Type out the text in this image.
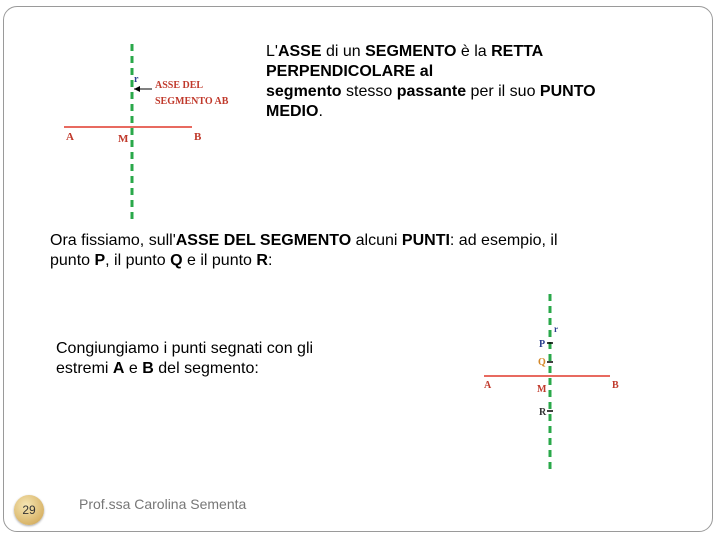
r
ASSE DEL
SEGMENTO AB
A	M	B
L'ASSE di un SEGMENTO è la RETTA
PERPENDICOLARE al
segmento stesso passante per il suo PUNTO
MEDIO.
Ora fissiamo, sull'ASSE DEL SEGMENTO alcuni PUNTI: ad esempio, il
punto P, il punto Q e il punto R:
Congiungiamo i punti segnati con gli
estremi A e B del segmento:
r
P
Q
A	M	B
R
29	Prof.ssa Carolina Sementa
